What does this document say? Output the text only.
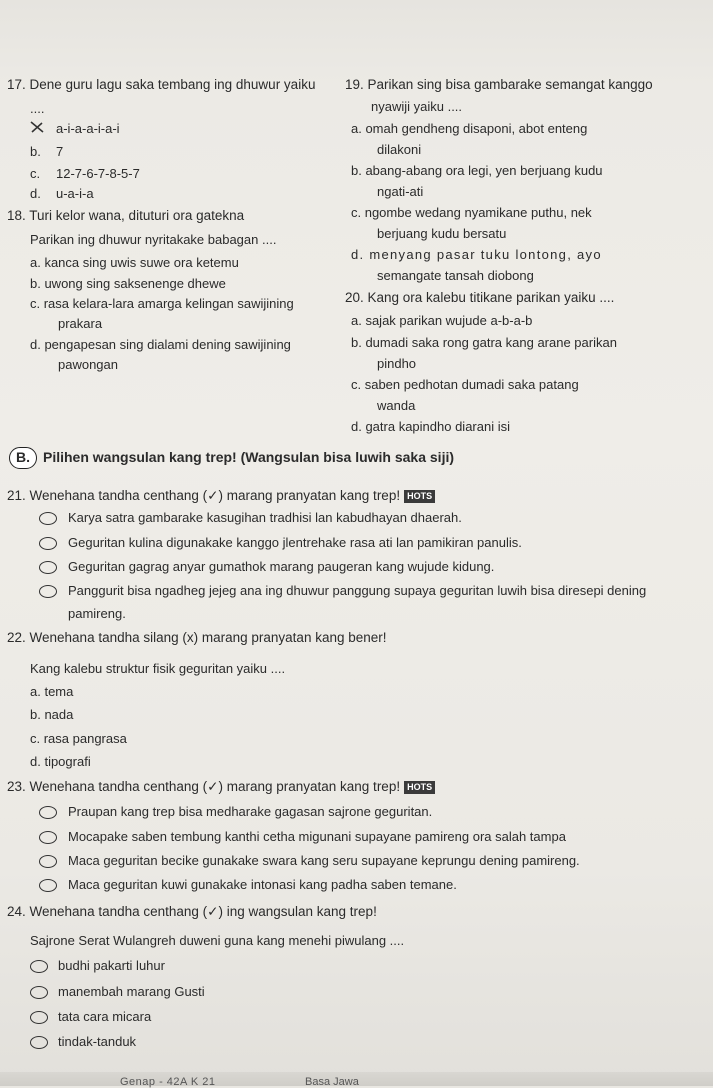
17. Dene guru lagu saka tembang ing dhuwur yaiku
....
a-i-a-a-i-a-i
b. 7
c. 12-7-6-7-8-5-7
d. u-a-i-a
18. Turi kelor wana, dituturi ora gatekna
Parikan ing dhuwur nyritakake babagan ....
a. kanca sing uwis suwe ora ketemu
b. uwong sing saksenenge dhewe
c. rasa kelara-lara amarga kelingan sawijining
prakara
d. pengapesan sing dialami dening sawijining
pawongan
19. Parikan sing bisa gambarake semangat kanggo
nyawiji yaiku ....
a. omah gendheng disaponi, abot enteng
dilakoni
b. abang-abang ora legi, yen berjuang kudu
ngati-ati
c. ngombe wedang nyamikane puthu, nek
berjuang kudu bersatu
d. menyang pasar tuku lontong, ayo
semangate tansah diobong
20. Kang ora kalebu titikane parikan yaiku ....
a. sajak parikan wujude a-b-a-b
b. dumadi saka rong gatra kang arane parikan
pindho
c. saben pedhotan dumadi saka patang
wanda
d. gatra kapindho diarani isi
B. Pilihen wangsulan kang trep! (Wangsulan bisa luwih saka siji)
21. Wenehana tandha centhang (✓) marang pranyatan kang trep! HOTS
Karya satra gambarake kasugihan tradhisi lan kabudhayan dhaerah.
Geguritan kulina digunakake kanggo jlentrehake rasa ati lan pamikiran panulis.
Geguritan gagrag anyar gumathok marang paugeran kang wujude kidung.
Panggurit bisa ngadheg jejeg ana ing dhuwur panggung supaya geguritan luwih bisa diresepi dening
pamireng.
22. Wenehana tandha silang (x) marang pranyatan kang bener!
Kang kalebu struktur fisik geguritan yaiku ....
a. tema
b. nada
c. rasa pangrasa
d. tipografi
23. Wenehana tandha centhang (✓) marang pranyatan kang trep! HOTS
Praupan kang trep bisa medharake gagasan sajrone geguritan.
Mocapake saben tembung kanthi cetha migunani supayane pamireng ora salah tampa
Maca geguritan becike gunakake swara kang seru supayane keprungu dening pamireng.
Maca geguritan kuwi gunakake intonasi kang padha saben temane.
24. Wenehana tandha centhang (✓) ing wangsulan kang trep!
Sajrone Serat Wulangreh duweni guna kang menehi piwulang ....
budhi pakarti luhur
manembah marang Gusti
tata cara micara
tindak-tanduk
Genap - 42A K 21	Basa Jawa
